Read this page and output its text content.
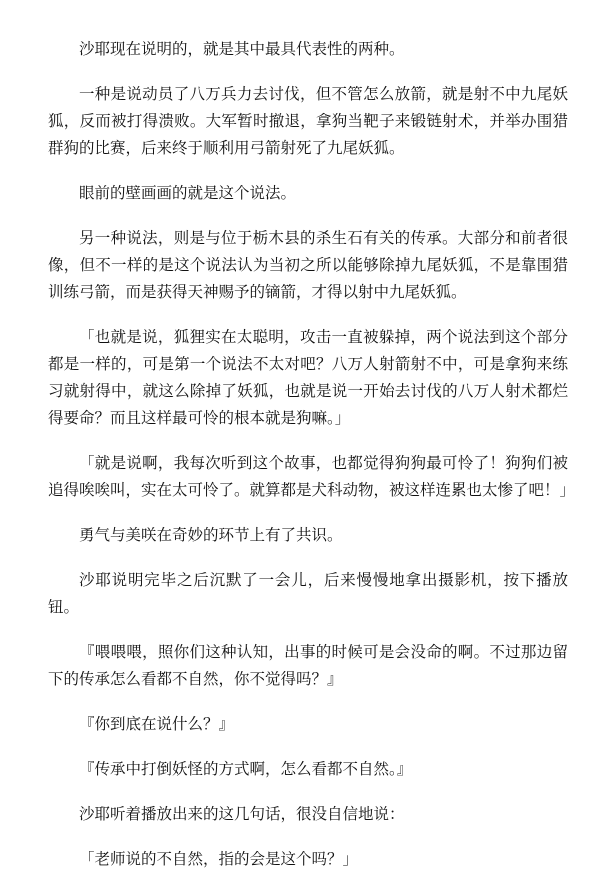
沙耶现在说明的，就是其中最具代表性的两种。

一种是说动员了八万兵力去讨伐，但不管怎么放箭，就是射不中九尾妖狐，反而被打得溃败。大军暂时撤退，拿狗当靶子来锻链射术，并举办围猎群狗的比赛，后来终于顺利用弓箭射死了九尾妖狐。

眼前的壁画画的就是这个说法。

另一种说法，则是与位于栃木县的杀生石有关的传承。大部分和前者很像，但不一样的是这个说法认为当初之所以能够除掉九尾妖狐，不是靠围猎训练弓箭，而是获得天神赐予的镝箭，才得以射中九尾妖狐。

「也就是说，狐狸实在太聪明，攻击一直被躲掉，两个说法到这个部分都是一样的，可是第一个说法不太对吧？八万人射箭射不中，可是拿狗来练习就射得中，就这么除掉了妖狐，也就是说一开始去讨伐的八万人射术都烂得要命？而且这样最可怜的根本就是狗嘛。」

「就是说啊，我每次听到这个故事，也都觉得狗狗最可怜了！狗狗们被追得唉唉叫，实在太可怜了。就算都是犬科动物，被这样连累也太惨了吧！」

勇气与美咲在奇妙的环节上有了共识。

沙耶说明完毕之后沉默了一会儿，后来慢慢地拿出摄影机，按下播放钮。

『喂喂喂，照你们这种认知，出事的时候可是会没命的啊。不过那边留下的传承怎么看都不自然，你不觉得吗？』

『你到底在说什么？』

『传承中打倒妖怪的方式啊，怎么看都不自然。』

沙耶听着播放出来的这几句话，很没自信地说：

「老师说的不自然，指的会是这个吗？」
